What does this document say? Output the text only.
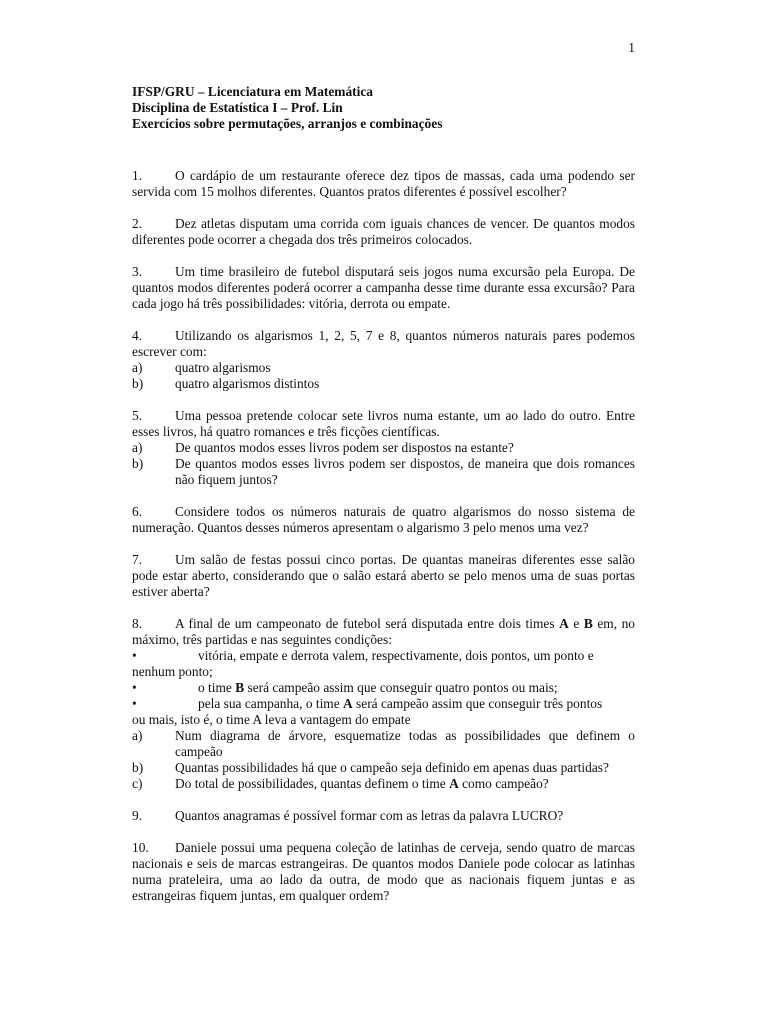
1
IFSP/GRU – Licenciatura em Matemática
Disciplina de Estatística I – Prof. Lin
Exercícios sobre permutações, arranjos e combinações
1. O cardápio de um restaurante oferece dez tipos de massas, cada uma podendo ser servida com 15 molhos diferentes. Quantos pratos diferentes é possível escolher?
2. Dez atletas disputam uma corrida com iguais chances de vencer. De quantos modos diferentes pode ocorrer a chegada dos três primeiros colocados.
3. Um time brasileiro de futebol disputará seis jogos numa excursão pela Europa. De quantos modos diferentes poderá ocorrer a campanha desse time durante essa excursão? Para cada jogo há três possibilidades: vitória, derrota ou empate.
4. Utilizando os algarismos 1, 2, 5, 7 e 8, quantos números naturais pares podemos escrever com:
a)	quatro algarismos
b)	quatro algarismos distintos
5. Uma pessoa pretende colocar sete livros numa estante, um ao lado do outro. Entre esses livros, há quatro romances e três ficções científicas.
a)	De quantos modos esses livros podem ser dispostos na estante?
b)	De quantos modos esses livros podem ser dispostos, de maneira que dois romances não fiquem juntos?
6. Considere todos os números naturais de quatro algarismos do nosso sistema de numeração. Quantos desses números apresentam o algarismo 3 pelo menos uma vez?
7. Um salão de festas possui cinco portas. De quantas maneiras diferentes esse salão pode estar aberto, considerando que o salão estará aberto se pelo menos uma de suas portas estiver aberta?
8. A final de um campeonato de futebol será disputada entre dois times A e B em, no máximo, três partidas e nas seguintes condições:
•	vitória, empate e derrota valem, respectivamente, dois pontos, um ponto e
nenhum ponto;
•	o time B será campeão assim que conseguir quatro pontos ou mais;
•	pela sua campanha, o time A será campeão assim que conseguir três pontos
ou mais, isto é, o time A leva a vantagem do empate
a)	Num diagrama de árvore, esquematize todas as possibilidades que definem o campeão
b)	Quantas possibilidades há que o campeão seja definido em apenas duas partidas?
c)	Do total de possibilidades, quantas definem o time A como campeão?
9. Quantos anagramas é possível formar com as letras da palavra LUCRO?
10. Daniele possui uma pequena coleção de latinhas de cerveja, sendo quatro de marcas nacionais e seis de marcas estrangeiras. De quantos modos Daniele pode colocar as latinhas numa prateleira, uma ao lado da outra, de modo que as nacionais fiquem juntas e as estrangeiras fiquem juntas, em qualquer ordem?
